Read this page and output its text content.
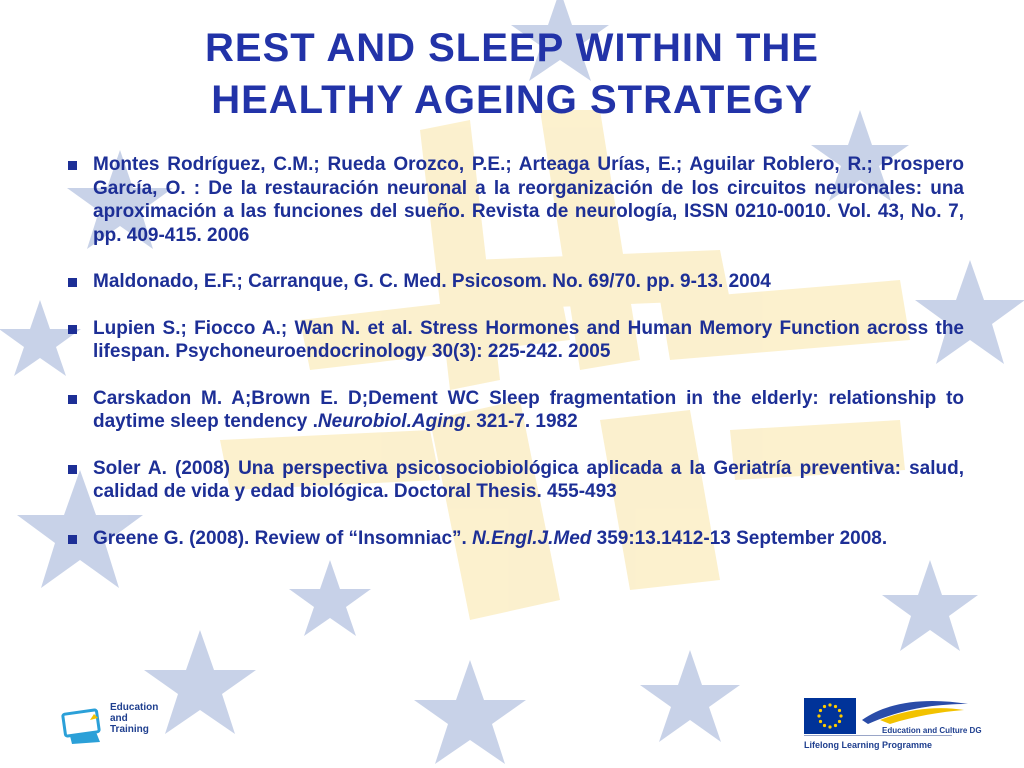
REST AND SLEEP WITHIN THE
HEALTHY AGEING STRATEGY
Montes Rodríguez, C.M.; Rueda Orozco, P.E.; Arteaga Urías, E.; Aguilar Roblero, R.; Prospero García, O. : De la restauración neuronal a la reorganización de los circuitos neuronales: una aproximación a las funciones del sueño. Revista de neurología, ISSN 0210-0010. Vol. 43, No. 7, pp. 409-415. 2006
Maldonado, E.F.; Carranque, G. C. Med. Psicosom. No. 69/70. pp. 9-13. 2004
Lupien S.; Fiocco A.; Wan N. et al. Stress Hormones and Human Memory Function across the lifespan. Psychoneuroendocrinology 30(3): 225-242. 2005
Carskadon M. A;Brown E. D;Dement WC Sleep fragmentation in the elderly: relationship to daytime sleep tendency .Neurobiol.Aging. 321-7. 1982
Soler A. (2008) Una perspectiva psicosociobiológica aplicada a la Geriatría preventiva: salud, calidad de vida y edad biológica. Doctoral Thesis. 455-493
Greene G. (2008). Review of “Insomniac”. N.Engl.J.Med 359:13.1412-13 September 2008.
Education
and
Training	Education and Culture DG
Lifelong Learning Programme
